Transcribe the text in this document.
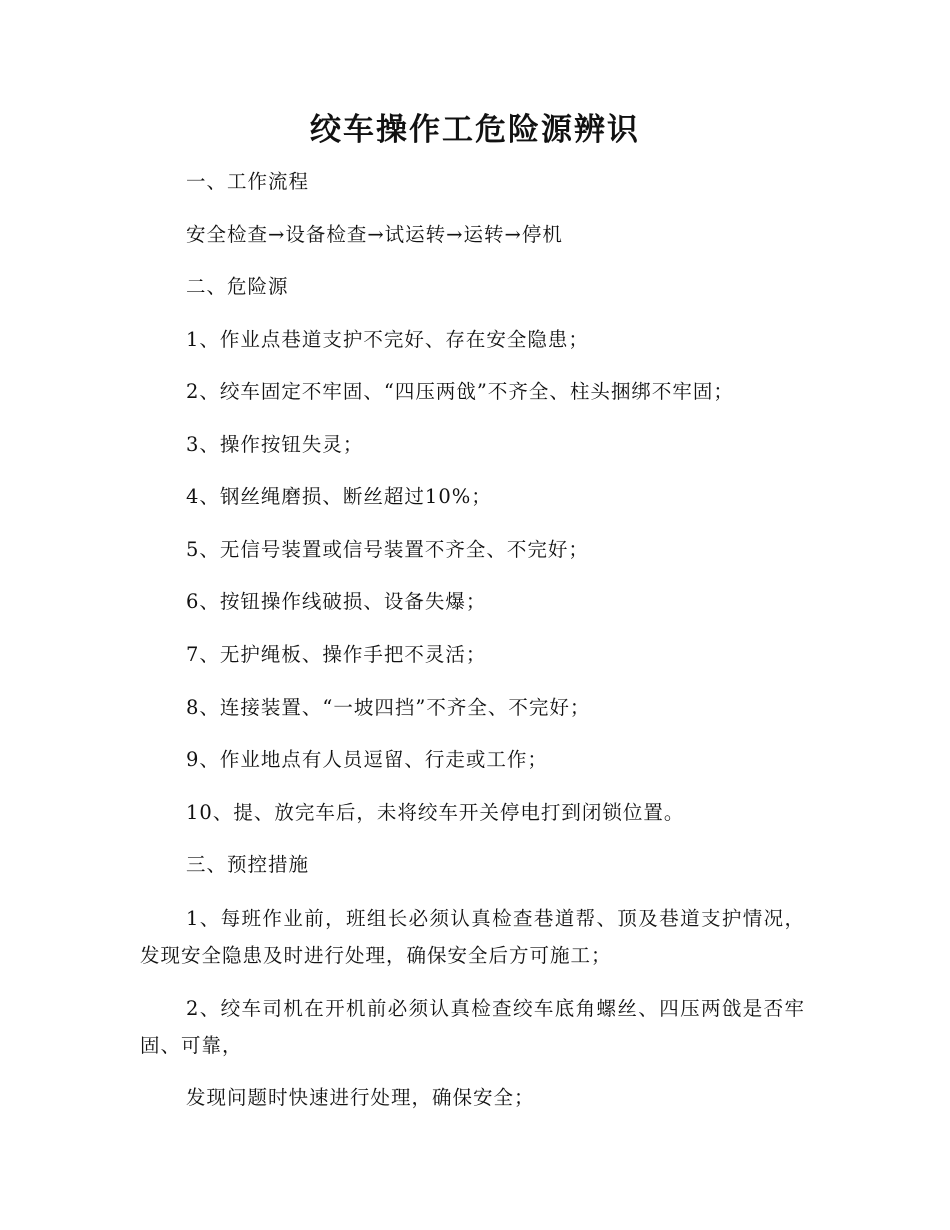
绞车操作工危险源辨识
一、工作流程
安全检查→设备检查→试运转→运转→停机
二、危险源
1、作业点巷道支护不完好、存在安全隐患；
2、绞车固定不牢固、“四压两戗”不齐全、柱头捆绑不牢固；
3、操作按钮失灵；
4、钢丝绳磨损、断丝超过10%；
5、无信号装置或信号装置不齐全、不完好；
6、按钮操作线破损、设备失爆；
7、无护绳板、操作手把不灵活；
8、连接装置、“一坡四挡”不齐全、不完好；
9、作业地点有人员逗留、行走或工作；
10、提、放完车后，未将绞车开关停电打到闭锁位置。
三、预控措施
1、每班作业前，班组长必须认真检查巷道帮、顶及巷道支护情况，发现安全隐患及时进行处理，确保安全后方可施工；
2、绞车司机在开机前必须认真检查绞车底角螺丝、四压两戗是否牢固、可靠，
发现问题时快速进行处理，确保安全；
